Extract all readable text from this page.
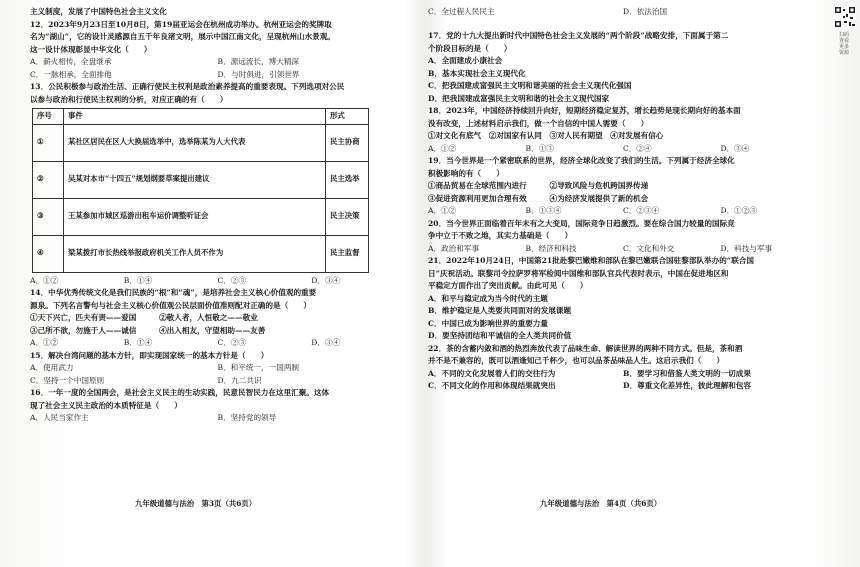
主义制度，发展了中国特色社会主义文化

12．2023年9月23日至10月8日，第19届亚运会在杭州成功举办。杭州亚运会的奖牌取

名为“湖山”，它的设计灵感源自五千年良渚文明，展示中国江南文化，呈现杭州山水景观。

这一设计体现彰显中华文化（　　）

A．薪火相传，全盘继承	B．源远流长，博大精深
C．一脉相承，全面排他	D．与时俱进，引领世界

13．公民积极参与政治生活、正确行使民主权利是政治素养提高的重要表现。下列选项对公民

以参与政治和行使民主权利的分析，对应正确的有（　　）

序号	事件	形式
①	某社区居民在区人大换届选举中，选举陈某为人大代表	民主协商
②	吴某对本市“十四五”规划纲要草案提出建议	民主选举
③	王某参加市城区巡游出租车运价调整听证会	民主决策
④	梁某拨打市长热线举报政府机关工作人员不作为	民主监督
A．①②	B．①④	C．②③	D．③④

14．中华优秀传统文化是我们民族的“根”和“魂”，是培养社会主义核心价值观的重要

源泉。下列名言警句与社会主义核心价值观公民层面价值准则配对正确的是（　　）

①天下兴亡，匹夫有责——爱国　　　②敬人者，人恒敬之——敬业

③己所不欲，勿施于人——诚信　　　④出入相友，守望相助——友善

A．①②	B．①④	C．②③	D．③④

15．解决台湾问题的基本方针，即实现国家统一的基本方针是（　　）

A．使用武力	B．和平统一，一国两制
C．坚持一个中国原则	D．九二共识

16．一年一度的全国两会，是社会主义民主的生动实践，民意民智民力在这里汇聚。这体

现了社会主义民主政治的本质特征是（　　）

A．人民当家作主	B．坚持党的领导
九年级道德与法治　第3页（共6页）
C．全过程人民民主	D．依法治国

17．党的十九大提出新时代中国特色社会主义发展的“两个阶段”战略安排，下面属于第二

个阶段目标的是（　　）

A．全面建成小康社会

B．基本实现社会主义现代化

C．把我国建成富强民主文明和谐美丽的社会主义现代化强国

D．把我国建成富强民主文明和谐的社会主义现代国家

18．2023年，中国经济持续回升向好，短期经济稳定复苏，增长趋势是现长期向好的基本面

没有改变，上述材料启示我们，做一个自信的中国人需要（　　）

①对文化有底气　②对国家有认同　③对人民有期望　④对发展有信心

A．①②	B．①③	C．②④	D．③④

19．当今世界是一个紧密联系的世界，经济全球化改变了我们的生活。下列属于经济全球化

积极影响的有（　　）

①商品贸易在全球范围内进行　　　②导致风险与危机跨国界传递

③促进资源利用更加合理有效　　　④为经济发展提供了新的机会

A．①②	B．①③④	C．②③④	D．①②③

20．当今世界正面临着百年未有之大变局，国际竞争日趋激烈。要在综合国力较量的国际竞

争中立于不败之地，其实力基础是（　　）

A．政治和军事	B．经济和科技	C．文化和外交	D．科技与军事

21．2022年10月24日，中国第21批赴黎巴嫩维和部队在黎巴嫩联合国驻黎部队举办的“联合国

日”庆祝活动。联黎司令拉萨罗将军检阅中国维和部队官兵代表时表示，中国在促进地区和

平稳定方面作出了突出贡献。由此可见（　　）

A．和平与稳定成为当今时代的主题

B．维护稳定是人类要共同面对的发展课题

C．中国已成为影响世界的重要力量

D．要坚持团结和平诚信的全人类共同价值

22．茶的含蓄内敛和酒的热烈奔放代表了品味生命、解读世界的两种不同方式。但是，茶和酒

并不是不兼容的，既可以酒逢知己千杯少，也可以品茶品味品人生。这启示我们（　　）

A．不同的文化发展着人们的交往行为	B．要学习和借鉴人类文明的一切成果
C．不同文化的作用和体现结果就突出	D．尊重文化差异性，彼此理解和包容
九年级道德与法治　第4页（共6页）
扫码查看更多资源
